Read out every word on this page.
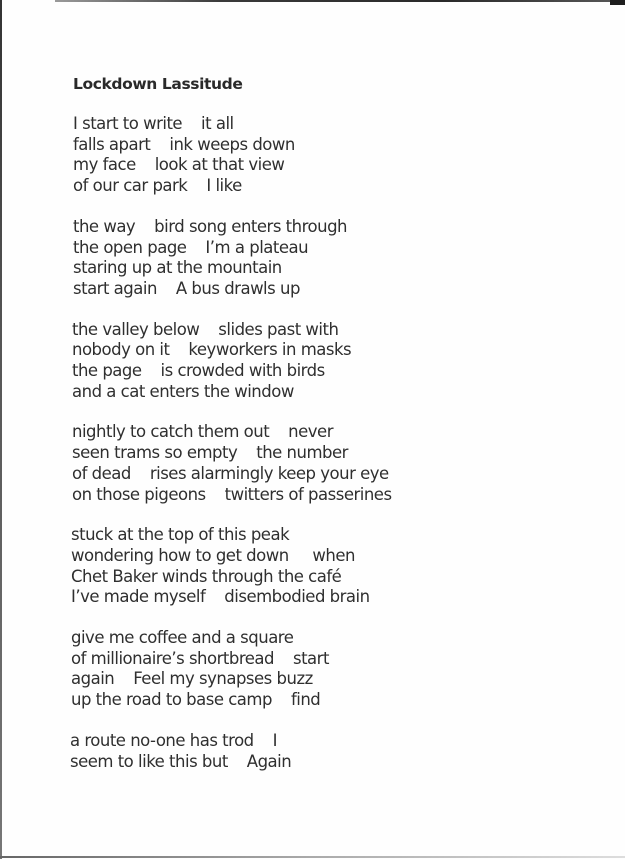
Lockdown Lassitude
I start to write    it all
falls apart    ink weeps down
my face    look at that view
of our car park    I like
the way    bird song enters through
the open page    I’m a plateau
staring up at the mountain
start again    A bus drawls up
the valley below    slides past with
nobody on it    keyworkers in masks
the page    is crowded with birds
and a cat enters the window
nightly to catch them out    never
seen trams so empty    the number
of dead    rises alarmingly keep your eye
on those pigeons    twitters of passerines
stuck at the top of this peak
wondering how to get down     when
Chet Baker winds through the café
I’ve made myself    disembodied brain
give me coffee and a square
of millionaire’s shortbread    start
again    Feel my synapses buzz
up the road to base camp    find
a route no-one has trod    I
seem to like this but    Again
